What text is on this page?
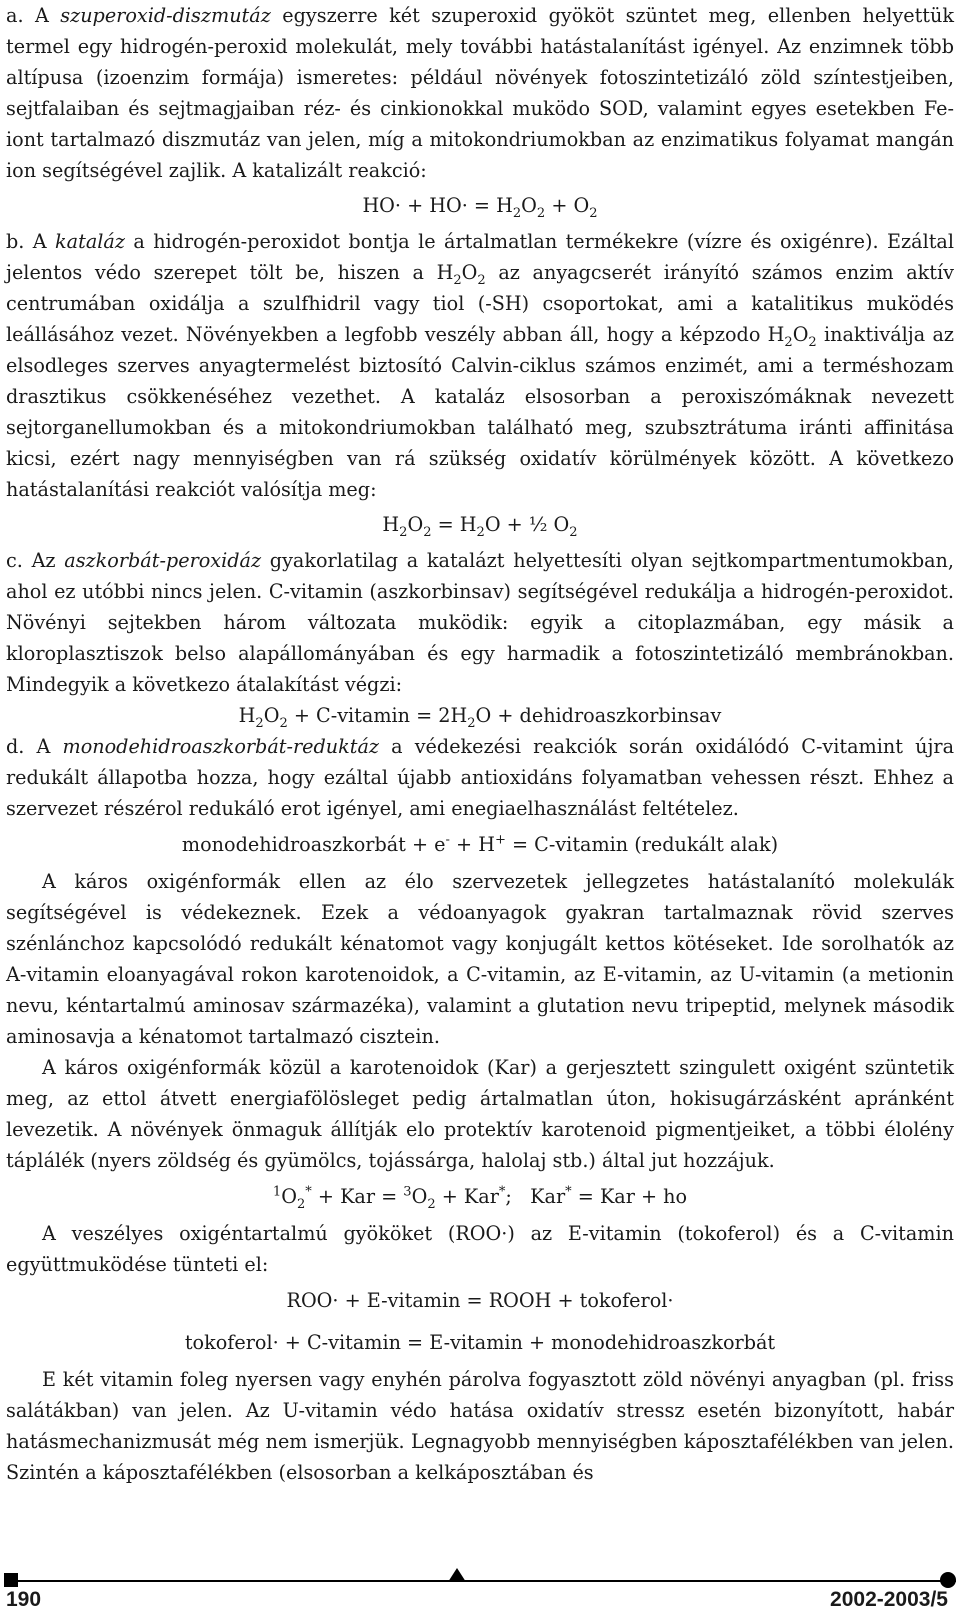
a. A szuperoxid-diszmutáz egyszerre két szuperoxid gyököt szüntet meg, ellenben helyettük termel egy hidrogén-peroxid molekulát, mely további hatástalanítást igényel. Az enzimnek több altípusa (izoenzim formája) ismeretes: például növények fotoszintetizáló zöld színtestjeiben, sejtfalaiban és sejtmagjaiban réz- és cinkionokkal muködo SOD, valamint egyes esetekben Fe-iont tartalmazó diszmutáz van jelen, míg a mitokondriumokban az enzimatikus folyamat mangán ion segítségével zajlik. A katalizált reakció:

$HO\cdot + HO\cdot = H_2O_2 + O_2$

b. A kataláz a hidrogén-peroxidot bontja le ártalmatlan termékekre (vízre és oxigénre). Ezáltal jelentos védo szerepet tölt be, hiszen a $H_2O_2$ az anyagcserét irányító számos enzim aktív centrumában oxidálja a szulfhidril vagy tiol (-SH) csoportokat, ami a katalitikus muködés leállásához vezet. Növényekben a legfobb veszély abban áll, hogy a képzodo $H_2O_2$ inaktiválja az elsodleges szerves anyagtermelést biztosító Calvin-ciklus számos enzimét, ami a terméshozam drasztikus csökkenéséhez vezethet. A kataláz elsosorban a peroxiszómáknak nevezett sejtorganellumokban és a mitokondriumokban található meg, szubsztrátuma iránti affinitása kicsi, ezért nagy mennyiségben van rá szükség oxidatív körülmények között. A következo hatástalanítási reakciót valósítja meg:

$H_2O_2 = H_2O$ + ½ $O_2$

c. Az aszkorbát-peroxidáz gyakorlatilag a katalázt helyettesíti olyan sejtkompartmentumokban, ahol ez utóbbi nincs jelen. C-vitamin (aszkorbinsav) segítségével redukálja a hidrogén-peroxidot. Növényi sejtekben három változata muködik: egyik a citoplazmában, egy másik a kloroplasztiszok belso alapállományában és egy harmadik a fotoszintetizáló membránokban. Mindegyik a következo átalakítást végzi:

$H_2O_2$ + C-vitamin = $2H_2O$ + dehidroaszkorbinsav

d. A monodehidroaszkorbát-reduktáz a védekezési reakciók során oxidálódó C-vitamint újra redukált állapotba hozza, hogy ezáltal újabb antioxidáns folyamatban vehessen részt. Ehhez a szervezet részérol redukáló erot igényel, ami enegiaelhasználást feltételez.

monodehidroaszkorbát + e- + H+ = C-vitamin (redukált alak)

A káros oxigénformák ellen az élo szervezetek jellegzetes hatástalanító molekulák segítségével is védekeznek. Ezek a védoanyagok gyakran tartalmaznak rövid szerves szénlánchoz kapcsolódó redukált kénatomot vagy konjugált kettos kötéseket. Ide sorolhatók az A-vitamin eloanyagával rokon karotenoidok, a C-vitamin, az E-vitamin, az U-vitamin (a metionin nevu, kéntartalmú aminosav származéka), valamint a glutation nevu tripeptid, melynek második aminosavja a kénatomot tartalmazó cisztein.

A káros oxigénformák közül a karotenoidok (Kar) a gerjesztett szingulett oxigént szüntetik meg, az ettol átvett energiafölösleget pedig ártalmatlan úton, hokisugárzásként apránként levezetik. A növények önmaguk állítják elo protektív karotenoid pigmentjeiket, a többi élolény táplálék (nyers zöldség és gyümölcs, tojássárga, halolaj stb.) által jut hozzájuk.

$^1O_2^*$ + Kar = $^3O_2 + Kar^*$;   Kar* = Kar + ho

A veszélyes oxigéntartalmú gyököket (ROO·) az E-vitamin (tokoferol) és a C-vitamin együttmuködése tünteti el:

ROO· + E-vitamin = ROOH + tokoferol·

tokoferol· + C-vitamin = E-vitamin + monodehidroaszkorbát

E két vitamin foleg nyersen vagy enyhén párolva fogyasztott zöld növényi anyagban (pl. friss salátákban) van jelen. Az U-vitamin védo hatása oxidatív stressz esetén bizonyított, habár hatásmechanizmusát még nem ismerjük. Legnagyobb mennyiségben káposztafélékben van jelen. Szintén a káposztafélékben (elsosorban a kelkáposztában és

190	2002-2003/5
